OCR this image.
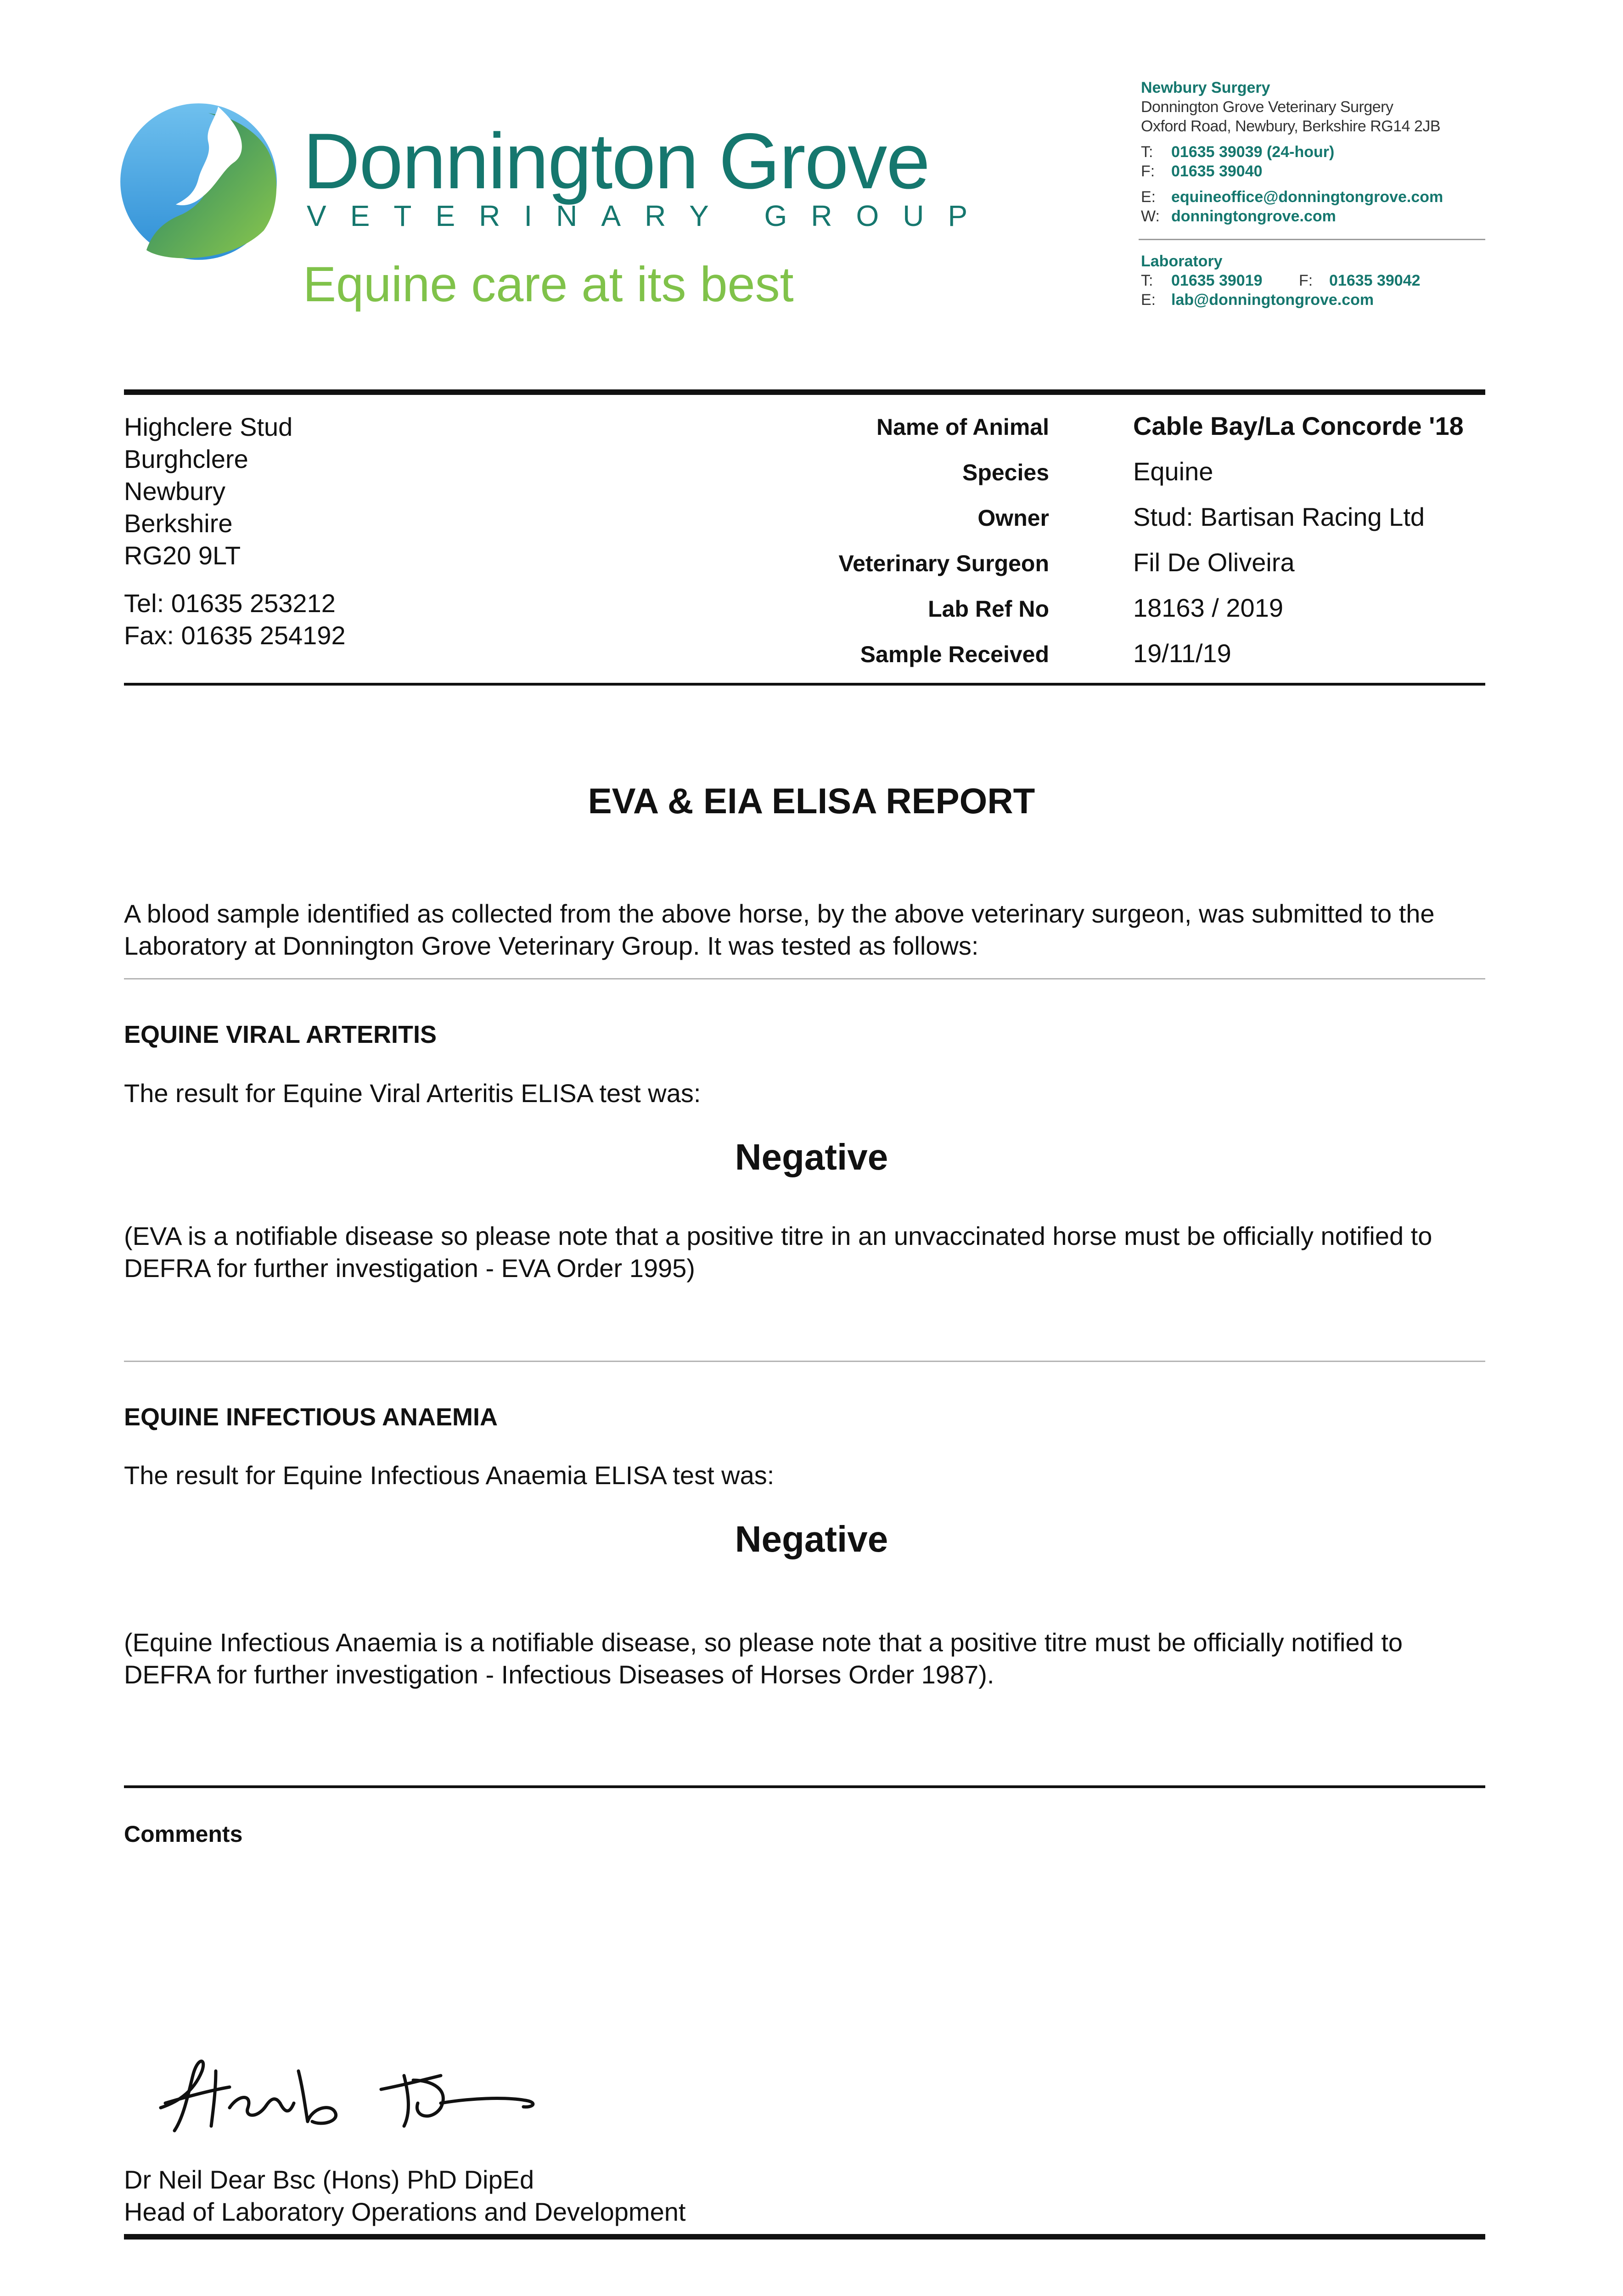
Donnington Grove
VETERINARY GROUP
Equine care at its best
Newbury Surgery
Donnington Grove Veterinary Surgery
Oxford Road, Newbury, Berkshire RG14 2JB
T: 01635 39039 (24-hour)
F: 01635 39040
E: equineoffice@donningtongrove.com
W: donningtongrove.com
Laboratory
T: 01635 39019 F: 01635 39042
E: lab@donningtongrove.com
Highclere Stud
Burghclere
Newbury
Berkshire
RG20 9LT
Tel: 01635 253212
Fax: 01635 254192
Name of Animal	Cable Bay/La Concorde '18
Species	Equine
Owner	Stud: Bartisan Racing Ltd
Veterinary Surgeon	Fil De Oliveira
Lab Ref No	18163 / 2019
Sample Received	19/11/19
EVA & EIA ELISA REPORT
A blood sample identified as collected from the above horse, by the above veterinary surgeon, was submitted to the Laboratory at Donnington Grove Veterinary Group. It was tested as follows:
EQUINE VIRAL ARTERITIS
The result for Equine Viral Arteritis ELISA test was:
Negative
(EVA is a notifiable disease so please note that a positive titre in an unvaccinated horse must be officially notified to DEFRA for further investigation - EVA Order 1995)
EQUINE INFECTIOUS ANAEMIA
The result for Equine Infectious Anaemia ELISA test was:
Negative
(Equine Infectious Anaemia is a notifiable disease, so please note that a positive titre must be officially notified to DEFRA for further investigation - Infectious Diseases of Horses Order 1987).
Comments
Dr Neil Dear Bsc (Hons) PhD DipEd
Head of Laboratory Operations and Development
